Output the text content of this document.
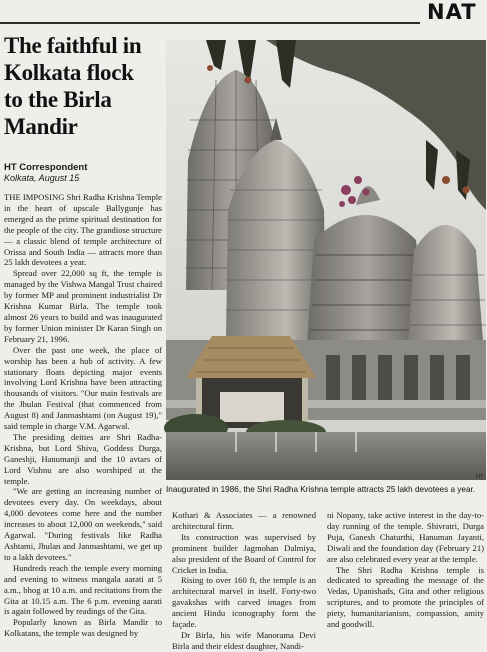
NAT
The faithful in Kolkata flock to the Birla Mandir
HT Correspondent
Kolkata, August 15

THE IMPOSING Shri Radha Krishna Temple in the heart of upscale Ballygunje has emerged as the prime spiritual destination for the people of the city. The grandiose structure — a classic blend of temple architecture of Orissa and South India — attracts more than 25 lakh devotees a year.

Spread over 22,000 sq ft, the temple is managed by the Vishwa Mangal Trust chaired by former MP and prominent industrialist Dr Krishna Kumar Birla. The temple took almost 26 years to build and was inaugurated by former Union minister Dr Karan Singh on February 21, 1996.

Over the past one week, the place of worship has been a hub of activity. A few stationary floats depicting major events involving Lord Krishna have been attracting thousands of visitors. "Our main festivals are the Jhulan Festival (that commenced from August 8) and Janmashtami (on August 19)," said temple in charge V.M. Agarwal.

The presiding deities are Shri Radha-Krishna, but Lord Shiva, Goddess Durga, Ganeshji, Hanumanji and the 10 avtars of Lord Vishnu are also worshiped at the temple.

"We are getting an increasing number of devotees every day. On weekdays, about 4,000 devotees come here and the number increases to about 12,000 on weekends," said Agarwal. "During festivals like Radha Ashtami, Jhulan and Janmashtami, we get up to a lakh devotees."

Hundreds reach the temple every morning and evening to witness mangala aarati at 5 a.m., bhog at 10 a.m. and recitations from the Gita at 10.15 a.m. The 6 p.m. evening aarati is again followed by readings of the Gita.

Popularly known as Birla Mandir to Kolkatans, the temple was designed by

HT
Inaugurated in 1986, the Shri Radha Krishna temple attracts 25 lakh devotees a year.

Kothari & Associates — a renowned architectural firm.

Its construction was supervised by prominent builder Jagmohan Dalmiya, also president of the Board of Control for Cricket in India.

Rising to over 160 ft, the temple is an architectural marvel in itself. Forty-two gavakshas with carved images from ancient Hindu iconography form the façade.

Dr Birla, his wife Manorama Devi Birla and their eldest daughter, Nandi-

ni Nopany, take active interest in the day-to-day running of the temple. Shivratri, Durga Puja, Ganesh Chaturthi, Hanuman Jayanti, Diwali and the foundation day (February 21) are also celebrated every year at the temple.

The Shri Radha Krishna temple is dedicated to spreading the message of the Vedas, Upanishads, Gita and other religious scriptures, and to promote the principles of piety, humanitarianism, compassion, amity and goodwill.
